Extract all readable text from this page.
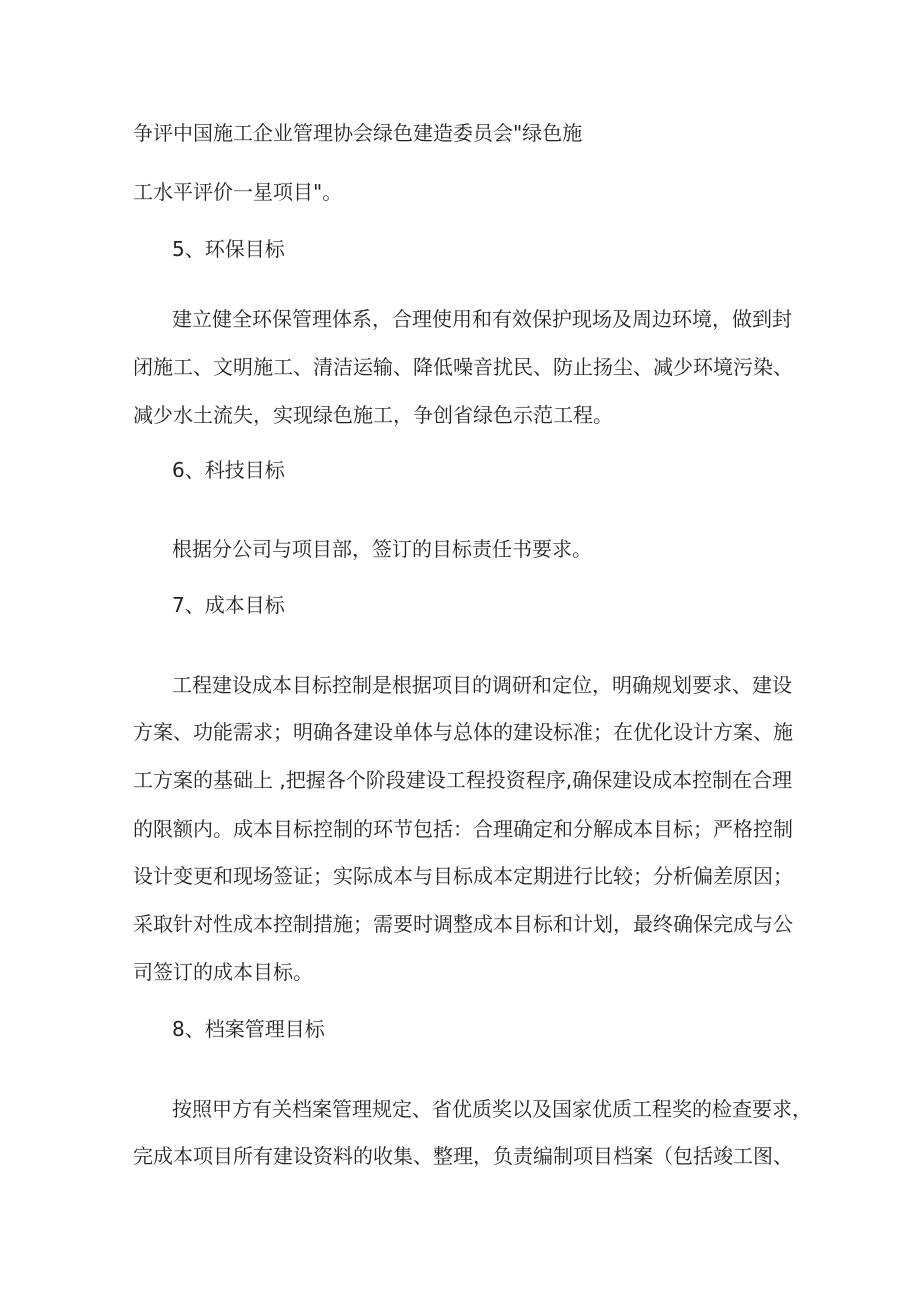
争评中国施工企业管理协会绿色建造委员会"绿色施
工水平评价一星项目"。
5、环保目标
建立健全环保管理体系，合理使用和有效保护现场及周边环境，做到封
闭施工、文明施工、清洁运输、降低噪音扰民、防止扬尘、减少环境污染、
减少水土流失，实现绿色施工，争创省绿色示范工程。
6、科技目标
根据分公司与项目部，签订的目标责任书要求。
7、成本目标
工程建设成本目标控制是根据项目的调研和定位，明确规划要求、建设
方案、功能需求；明确各建设单体与总体的建设标准；在优化设计方案、施
工方案的基础上 ,把握各个阶段建设工程投资程序,确保建设成本控制在合理
的限额内。成本目标控制的环节包括：合理确定和分解成本目标；严格控制
设计变更和现场签证；实际成本与目标成本定期进行比较；分析偏差原因；
采取针对性成本控制措施；需要时调整成本目标和计划，最终确保完成与公
司签订的成本目标。
8、档案管理目标
按照甲方有关档案管理规定、省优质奖以及国家优质工程奖的检查要求，
完成本项目所有建设资料的收集、整理，负责编制项目档案（包括竣工图、
